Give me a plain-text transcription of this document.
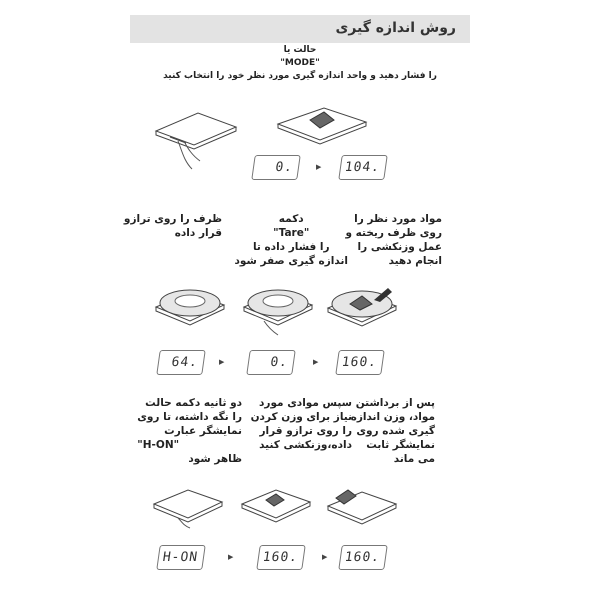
روش اندازه گیری
حالت یا
"MODE"
را فشار دهید و واحد اندازه گیری مورد نظر خود را انتخاب کنید
0.	▶	104.
ظرف را روی ترازو
قرار داده
دکمه
"Tare"
را فشار داده تا
اندازه گیری صفر شود
مواد مورد نظر را
روی ظرف ریخته و
عمل وزنکشی را
انجام دهید
64.	▶	0.	▶	160.
دو ثانیه دکمه حالت
را نگه داشته، تا روی
نمایشگر عبارت
"H-ON"
ظاهر شود
سپس موادی مورد
نیاز برای وزن کردن
را روی ترازو قرار
داده،وزنکشی کنید
پس از برداشتن
مواد، وزن اندازه
گیری شده روی
نمایشگر ثابت
می ماند
H-ON	▶	160.	▶	160.
